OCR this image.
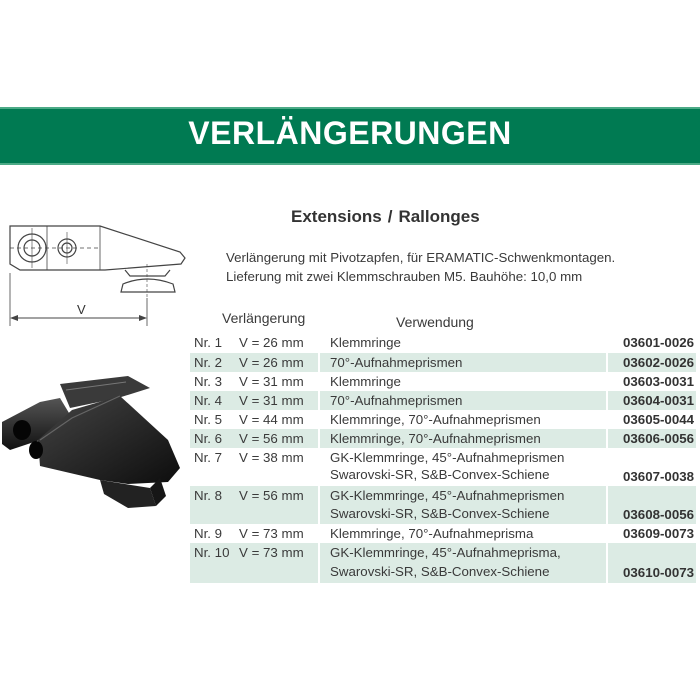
VERLÄNGERUNGEN
Extensions / Rallonges
Verlängerung mit Pivotzapfen, für ERAMATIC-Schwenkmontagen.
Lieferung mit zwei Klemmschrauben M5. Bauhöhe: 10,0 mm
V
Verlängerung	Verwendung
Nr. 1 V = 26 mm Klemmringe	03601-0026
Nr. 2 V = 26 mm 70°-Aufnahmeprismen	03602-0026
Nr. 3 V = 31 mm Klemmringe	03603-0031
Nr. 4 V = 31 mm 70°-Aufnahmeprismen	03604-0031
Nr. 5 V = 44 mm Klemmringe, 70°-Aufnahmeprismen	03605-0044
Nr. 6 V = 56 mm Klemmringe, 70°-Aufnahmeprismen	03606-0056
Nr. 7 V = 38 mm GK-Klemmringe, 45°-Aufnahmeprismen
Swarovski-SR, S&B-Convex-Schiene	03607-0038
Nr. 8 V = 56 mm GK-Klemmringe, 45°-Aufnahmeprismen
Swarovski-SR, S&B-Convex-Schiene	03608-0056
Nr. 9 V = 73 mm Klemmringe, 70°-Aufnahmeprisma	03609-0073
Nr. 10 V = 73 mm GK-Klemmringe, 45°-Aufnahmeprisma,
Swarovski-SR, S&B-Convex-Schiene	03610-0073
